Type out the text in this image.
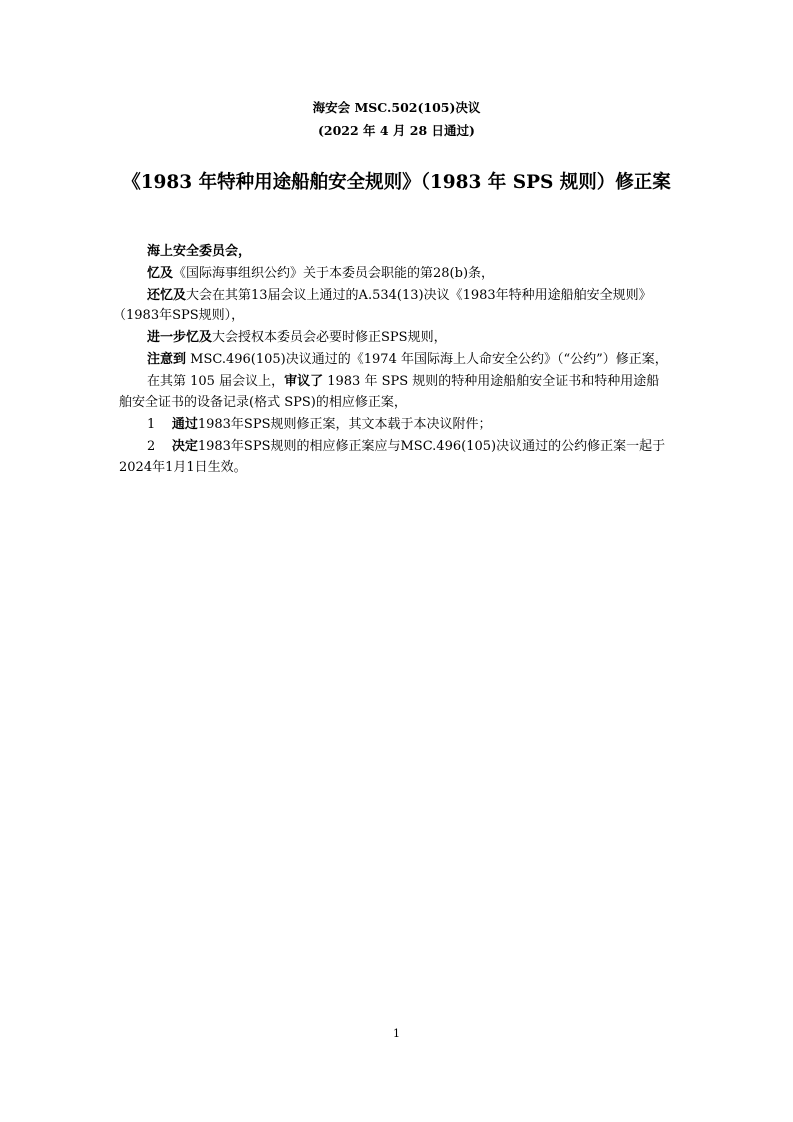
海安会 MSC.502(105)决议
(2022 年 4 月 28 日通过)
《1983 年特种用途船舶安全规则》（1983 年 SPS 规则）修正案
海上安全委员会，
忆及《国际海事组织公约》关于本委员会职能的第28(b)条，
还忆及大会在其第13届会议上通过的A.534(13)决议《1983年特种用途船舶安全规则》
（1983年SPS规则），
进一步忆及大会授权本委员会必要时修正SPS规则，
注意到 MSC.496(105)决议通过的《1974 年国际海上人命安全公约》（“公约”）修正案，
在其第 105 届会议上，审议了 1983 年 SPS 规则的特种用途船舶安全证书和特种用途船
舶安全证书的设备记录(格式 SPS)的相应修正案，
1 通过1983年SPS规则修正案，其文本载于本决议附件；
2 决定1983年SPS规则的相应修正案应与MSC.496(105)决议通过的公约修正案一起于
2024年1月1日生效。
1
